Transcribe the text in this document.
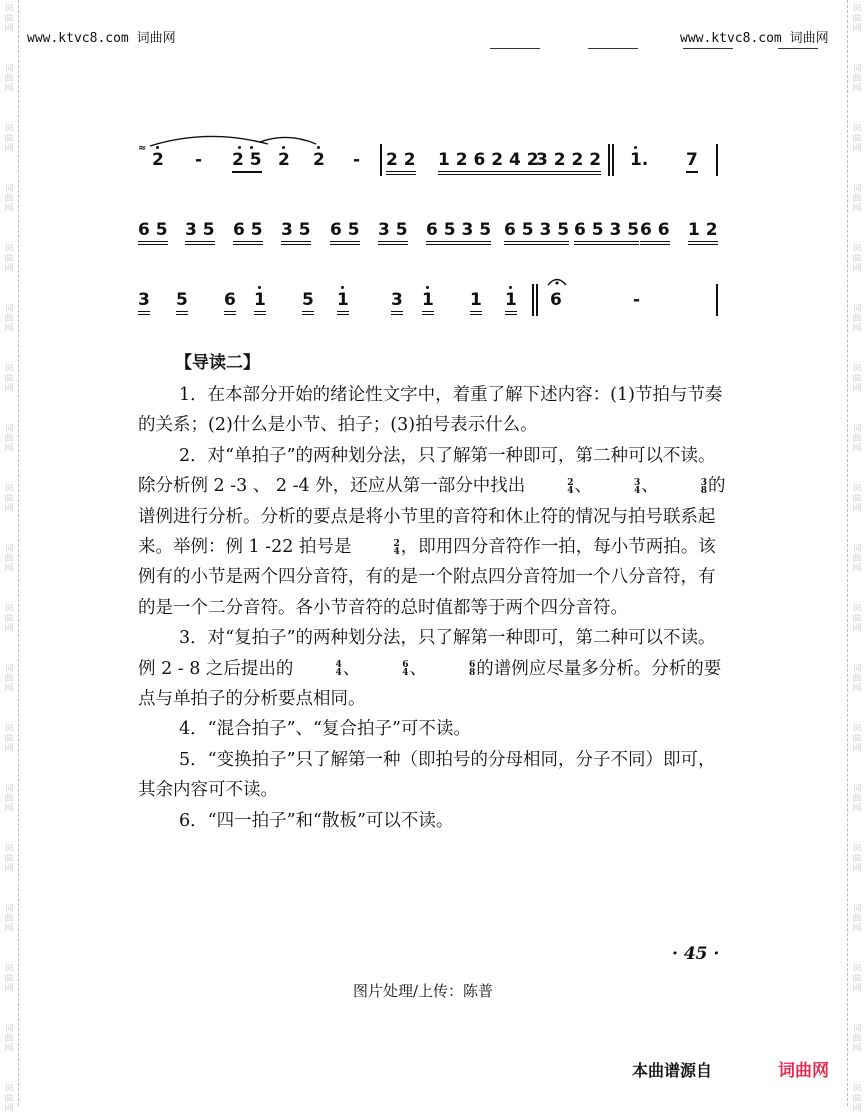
词
曲
网
词
曲
网
词
曲
网
词
曲
网
词
曲
网
词
曲
网
词
曲
网
词
曲
网
词
曲
网
词
曲
网
词
曲
网
词
曲
网
词
曲
网
词
曲
网
词
曲
网
词
曲
网
词
曲
网
词
曲
网
词
曲
网
词
曲
网
词
曲
网
词
曲
网
词
曲
网
词
曲
网
词
曲
网
词
曲
网
词
曲
网
词
曲
网
词
曲
网
词
曲
网
词
曲
网
词
曲
网
词
曲
网
词
曲
网
词
曲
网
词
曲
网
词
曲
网
词
曲
网
www.ktvc8.com 词曲网	www.ktvc8.com 词曲网
≈
2 - 2 5 2 2 - 2 2 1 2 6 2 4 2
3 2 2 2 1. 7
6 5 3 5 6 5 3 5 6 5 3 5 6 5 3 5 6 5 3 5 6 5 3 5 6 6 1 2
3 5 6 1 5 1 3 1 1 1 6	-
【导读二】

1．在本部分开始的绪论性文字中，着重了解下述内容：(1)节拍与节奏的关系；(2)什么是小节、拍子；(3)拍号表示什么。

2．对“单拍子”的两种划分法，只了解第一种即可，第二种可以不读。除分析例 2 -3 、 2 -4 外，还应从第一部分中找出	2
4 、	3
4 、	3
8 的谱例进行分析。分析的要点是将小节里的音符和休止符的情况与拍号联系起来。举例：例 1 -22 拍号是	2
4 ，即用四分音符作一拍，每小节两拍。该例有的小节是两个四分音符，有的是一个附点四分音符加一个八分音符，有的是一个二分音符。各小节音符的总时值都等于两个四分音符。

3．对“复拍子”的两种划分法，只了解第一种即可，第二种可以不读。例 2 - 8 之后提出的	4
4 、	6
4 、	6
8 的谱例应尽量多分析。分析的要点与单拍子的分析要点相同。

4．“混合拍子”、“复合拍子”可不读。

5．“变换拍子”只了解第一种（即拍号的分母相同，分子不同）即可，其余内容可不读。

6．“四一拍子”和“散板”可以不读。

· 45 ·
图片处理/上传：陈普
本曲谱源自	词曲网
